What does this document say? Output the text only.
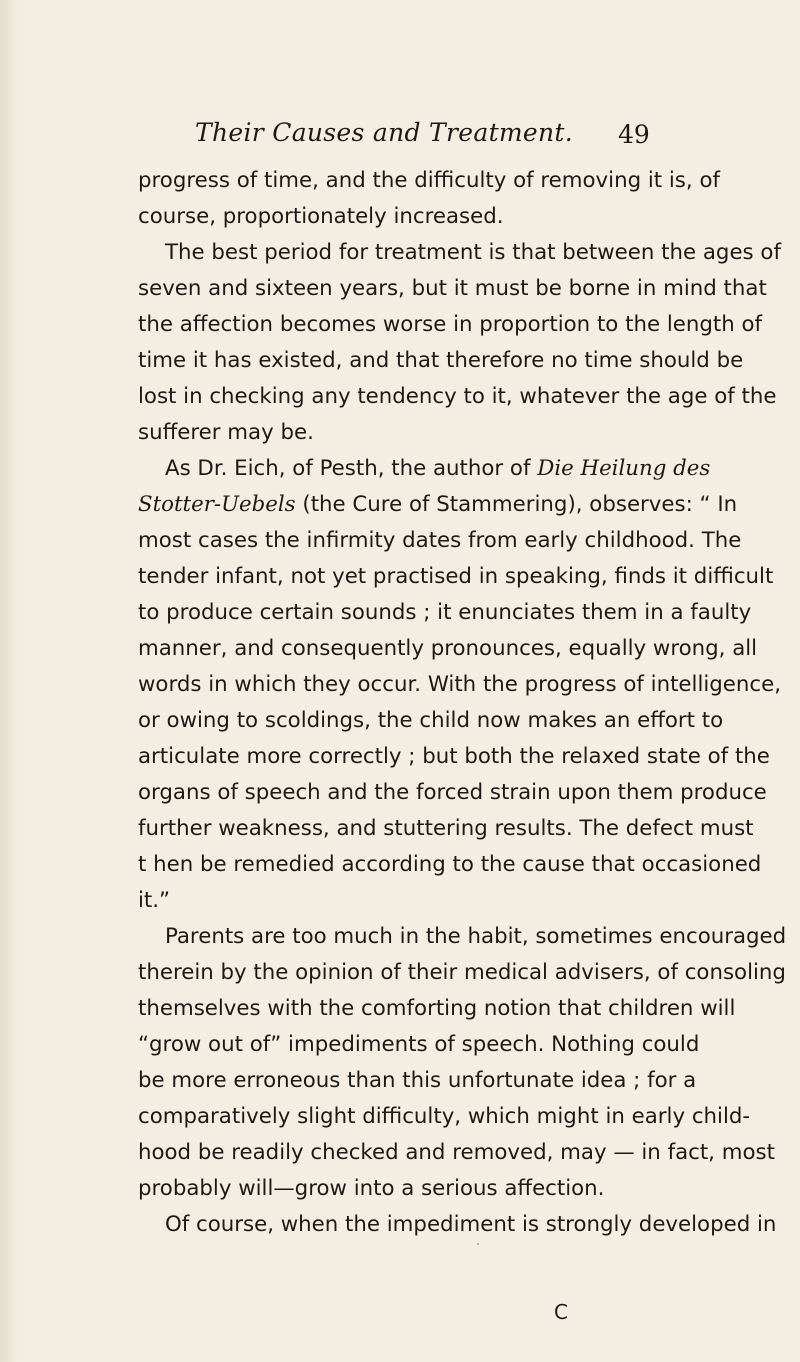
Their Causes and Treatment. 49
progress of time, and the difficulty of removing it is, of
course, proportionately increased.
The best period for treatment is that between the ages of
seven and sixteen years, but it must be borne in mind that
the affection becomes worse in proportion to the length of
time it has existed, and that therefore no time should be
lost in checking any tendency to it, whatever the age of the
sufferer may be.
As Dr. Eich, of Pesth, the author of Die Heilung des
Stotter-Uebels (the Cure of Stammering), observes: “ In
most cases the infirmity dates from early childhood. The
tender infant, not yet practised in speaking, finds it difficult
to produce certain sounds ; it enunciates them in a faulty
manner, and consequently pronounces, equally wrong, all
words in which they occur. With the progress of intelligence,
or owing to scoldings, the child now makes an effort to
articulate more correctly ; but both the relaxed state of the
organs of speech and the forced strain upon them produce
further weakness, and stuttering results. The defect must
t hen be remedied according to the cause that occasioned
it.”
Parents are too much in the habit, sometimes encouraged
therein by the opinion of their medical advisers, of consoling
themselves with the comforting notion that children will
“grow out of” impediments of speech. Nothing could
be more erroneous than this unfortunate idea ; for a
comparatively slight difficulty, which might in early child-
hood be readily checked and removed, may — in fact, most
probably will—grow into a serious affection.
Of course, when the impediment is strongly developed in
C
